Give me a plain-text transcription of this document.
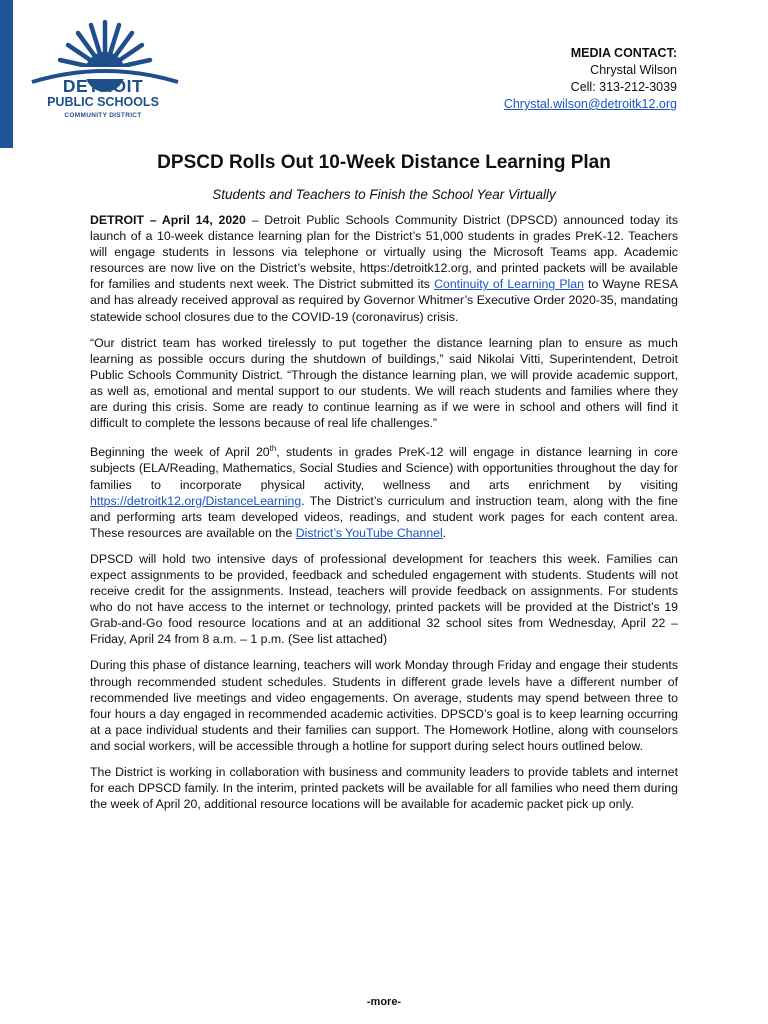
DETROIT
PUBLIC SCHOOLS
COMMUNITY DISTRICT
MEDIA CONTACT:
Chrystal Wilson
Cell: 313-212-3039
Chrystal.wilson@detroitk12.org
DPSCD Rolls Out 10-Week Distance Learning Plan
Students and Teachers to Finish the School Year Virtually

DETROIT – April 14, 2020 – Detroit Public Schools Community District (DPSCD) announced today its launch of a 10-week distance learning plan for the District’s 51,000 students in grades PreK-12. Teachers will engage students in lessons via telephone or virtually using the Microsoft Teams app. Academic resources are now live on the District’s website, https:/detroitk12.org, and printed packets will be available for families and students next week. The District submitted its Continuity of Learning Plan to Wayne RESA and has already received approval as required by Governor Whitmer’s Executive Order 2020-35, mandating statewide school closures due to the COVID-19 (coronavirus) crisis.

“Our district team has worked tirelessly to put together the distance learning plan to ensure as much learning as possible occurs during the shutdown of buildings,” said Nikolai Vitti, Superintendent, Detroit Public Schools Community District. “Through the distance learning plan, we will provide academic support, as well as, emotional and mental support to our students. We will reach students and families where they are during this crisis. Some are ready to continue learning as if we were in school and others will find it difficult to complete the lessons because of real life challenges.”

Beginning the week of April 20th, students in grades PreK-12 will engage in distance learning in core subjects (ELA/Reading, Mathematics, Social Studies and Science) with opportunities throughout the day for families to incorporate physical activity, wellness and arts enrichment by visiting https://detroitk12.org/DistanceLearning. The District’s curriculum and instruction team, along with the fine and performing arts team developed videos, readings, and student work pages for each content area. These resources are available on the District’s YouTube Channel.

DPSCD will hold two intensive days of professional development for teachers this week. Families can expect assignments to be provided, feedback and scheduled engagement with students. Students will not receive credit for the assignments. Instead, teachers will provide feedback on assignments. For students who do not have access to the internet or technology, printed packets will be provided at the District’s 19 Grab-and-Go food resource locations and at an additional 32 school sites from Wednesday, April 22 – Friday, April 24 from 8 a.m. – 1 p.m. (See list attached)

During this phase of distance learning, teachers will work Monday through Friday and engage their students through recommended student schedules. Students in different grade levels have a different number of recommended live meetings and video engagements. On average, students may spend between three to four hours a day engaged in recommended academic activities. DPSCD’s goal is to keep learning occurring at a pace individual students and their families can support. The Homework Hotline, along with counselors and social workers, will be accessible through a hotline for support during select hours outlined below.

The District is working in collaboration with business and community leaders to provide tablets and internet for each DPSCD family. In the interim, printed packets will be available for all families who need them during the week of April 20, additional resource locations will be available for academic packet pick up only.

-more-
